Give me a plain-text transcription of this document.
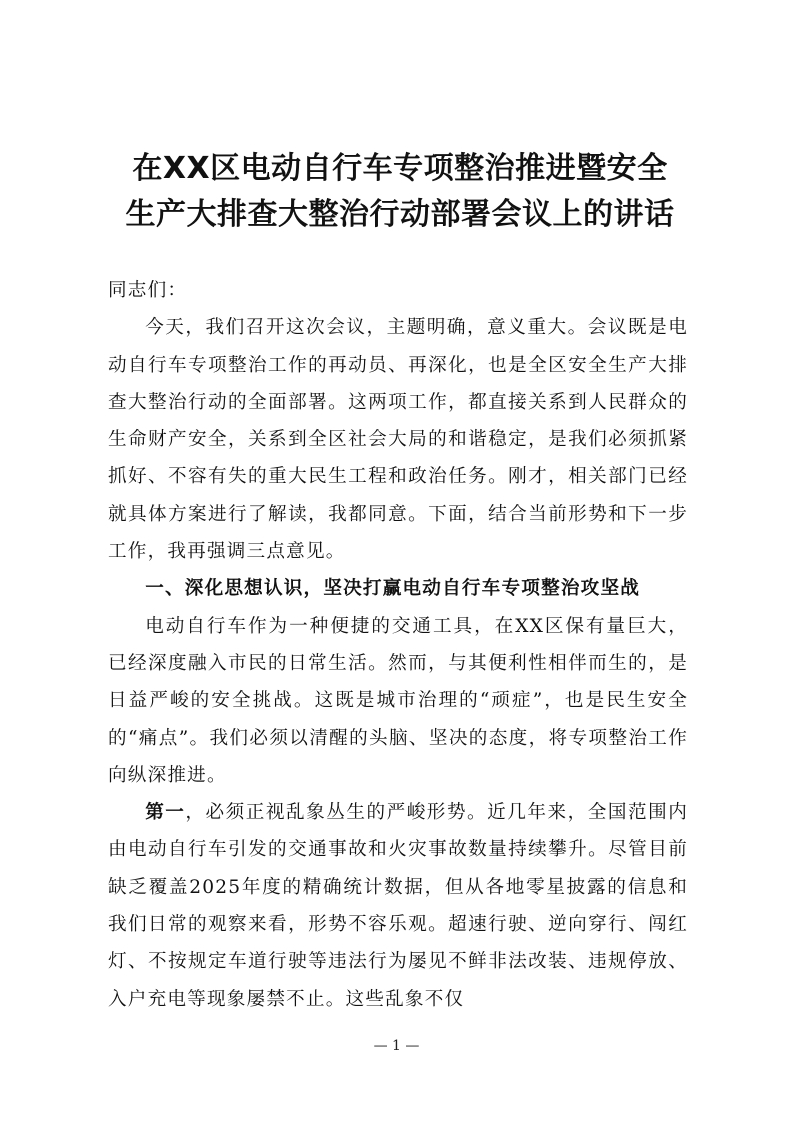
在XX区电动自行车专项整治推进暨安全
生产大排查大整治行动部署会议上的讲话

同志们：

今天，我们召开这次会议，主题明确，意义重大。会议既是电动自行车专项整治工作的再动员、再深化，也是全区安全生产大排查大整治行动的全面部署。这两项工作，都直接关系到人民群众的生命财产安全，关系到全区社会大局的和谐稳定，是我们必须抓紧抓好、不容有失的重大民生工程和政治任务。刚才，相关部门已经就具体方案进行了解读，我都同意。下面，结合当前形势和下一步工作，我再强调三点意见。

一、深化思想认识，坚决打赢电动自行车专项整治攻坚战

电动自行车作为一种便捷的交通工具，在XX区保有量巨大，已经深度融入市民的日常生活。然而，与其便利性相伴而生的，是日益严峻的安全挑战。这既是城市治理的“顽症”，也是民生安全的“痛点”。我们必须以清醒的头脑、坚决的态度，将专项整治工作向纵深推进。

第一，必须正视乱象丛生的严峻形势。近几年来，全国范围内由电动自行车引发的交通事故和火灾事故数量持续攀升。尽管目前缺乏覆盖2025年度的精确统计数据，但从各地零星披露的信息和我们日常的观察来看，形势不容乐观。超速行驶、逆向穿行、闯红灯、不按规定车道行驶等违法行为屡见不鲜非法改装、违规停放、入户充电等现象屡禁不止。这些乱象不仅

— 1 —
